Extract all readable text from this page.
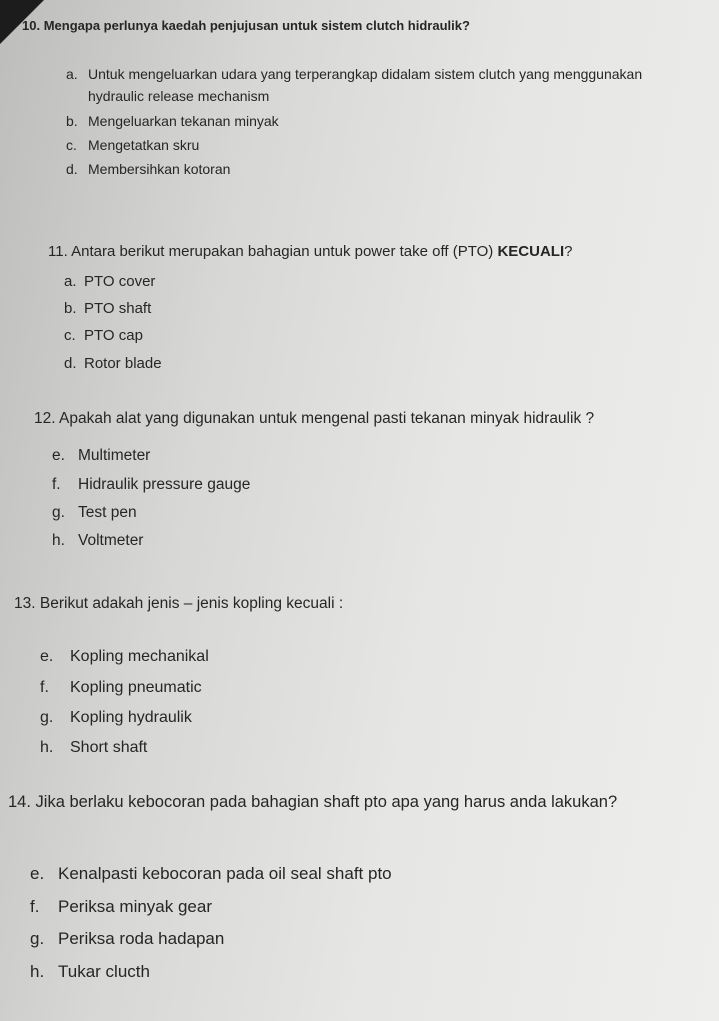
10. Mengapa perlunya kaedah penjujusan untuk sistem clutch hidraulik?
a. Untuk mengeluarkan udara yang terperangkap didalam sistem clutch yang menggunakan
hydraulic release mechanism
b. Mengeluarkan tekanan minyak
c. Mengetatkan skru
d. Membersihkan kotoran
11. Antara berikut merupakan bahagian untuk power take off (PTO) KECUALI?
a. PTO cover
b. PTO shaft
c. PTO cap
d. Rotor blade
12. Apakah alat yang digunakan untuk mengenal pasti tekanan minyak hidraulik ?
e. Multimeter
f. Hidraulik pressure gauge
g. Test pen
h. Voltmeter
13. Berikut adakah jenis – jenis kopling kecuali :
e. Kopling mechanikal
f. Kopling pneumatic
g. Kopling hydraulik
h. Short shaft
14. Jika berlaku kebocoran pada bahagian shaft pto apa yang harus anda lakukan?
e. Kenalpasti kebocoran pada oil seal shaft pto
f. Periksa minyak gear
g. Periksa roda hadapan
h. Tukar clucth
